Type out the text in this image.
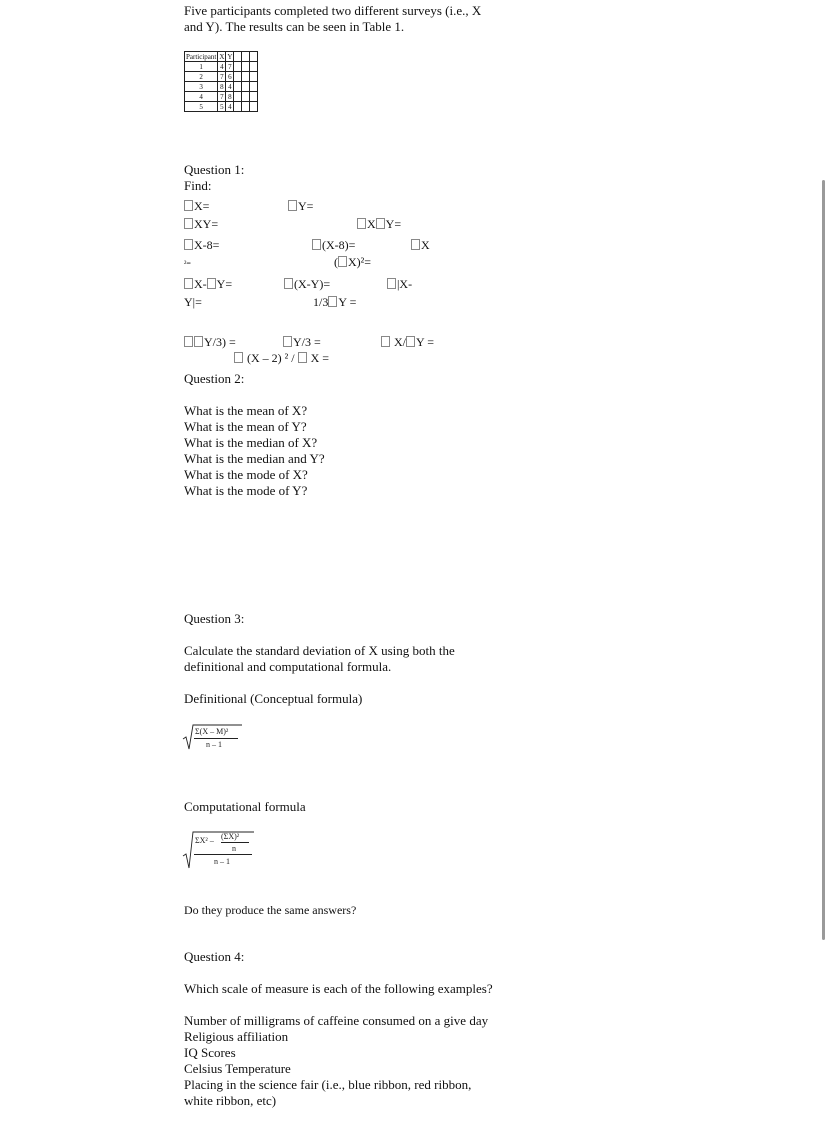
Five participants completed two different surveys (i.e., X
and Y). The results can be seen in Table 1.
Participant	X	Y			
1	4	7			
2	7	6			
3	8	4			
4	7	8			
5	5	4			
Question 1:
Find:
X=	Y=
XY=	X Y=
X-8=	(X-8)=	X
²=	( X)²=
X- Y=	(X-Y)=	|X-
Y|=	1/3 Y =
Y/3) =	Y/3 =	X/ Y =
(X – 2) ² /  X =
Question 2:
What is the mean of X?
What is the mean of Y?
What is the median of X?
What is the median and Y?
What is the mode of X?
What is the mode of Y?
Question 3:
Calculate the standard deviation of X using both the
definitional and computational formula.
Definitional (Conceptual formula)
Σ(X – M)²
n – 1
Computational formula
ΣX² – (ΣX)²
n
n – 1
Do they produce the same answers?
Question 4:
Which scale of measure is each of the following examples?
Number of milligrams of caffeine consumed on a give day
Religious affiliation
IQ Scores
Celsius Temperature
Placing in the science fair (i.e., blue ribbon, red ribbon,
white ribbon, etc)
